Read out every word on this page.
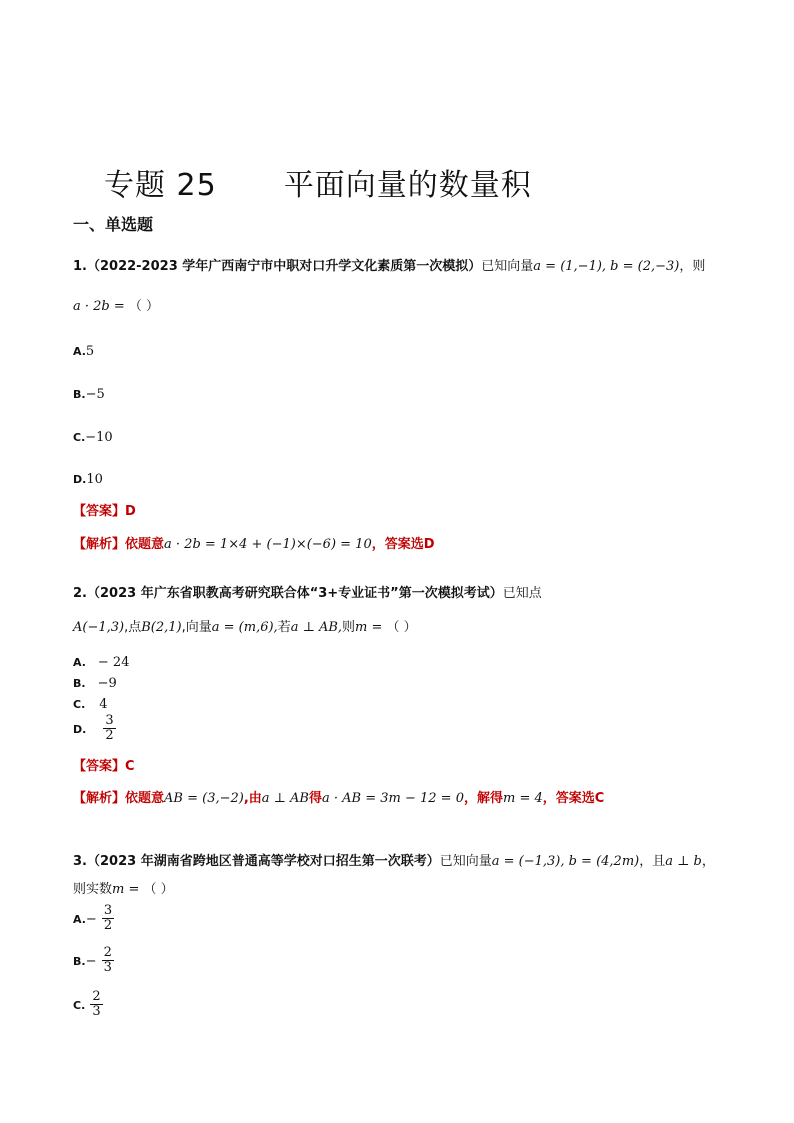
专题 25 平面向量的数量积
一、单选题
1.（2022-2023 学年广西南宁市中职对口升学文化素质第一次模拟）已知向量a = (1,−1), b = (2,−3)，则
a · 2b = （ ）
A.5
B.−5
C.−10
D.10
【答案】D
【解析】依题意a · 2b = 1×4 + (−1)×(−6) = 10，答案选D
2.（2023 年广东省职教高考研究联合体“3+专业证书”第一次模拟考试）已知点
A(−1,3),点B(2,1),向量a = (m,6),若a ⊥ AB,则m = （ ）
A. − 24
B. −9
C. 4
D. $\frac{3}{2}$
【答案】C
【解析】依题意AB = (3,−2),由a ⊥ AB得a · AB = 3m − 12 = 0，解得m = 4，答案选C
3.（2023 年湖南省跨地区普通高等学校对口招生第一次联考）已知向量a = (−1,3), b = (4,2m)，且a ⊥ b，
则实数m = （ ）
$A.- \frac{3}{2}$
$B.- \frac{2}{3}$
C. $\frac{2}{3}$
